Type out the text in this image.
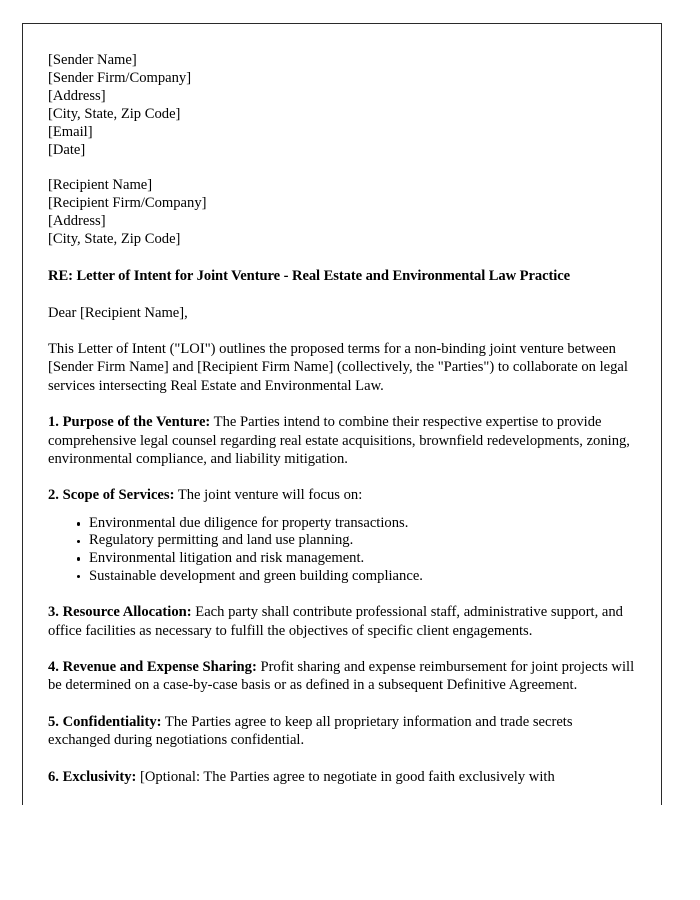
[Sender Name]
[Sender Firm/Company]
[Address]
[City, State, Zip Code]
[Email]
[Date]
[Recipient Name]
[Recipient Firm/Company]
[Address]
[City, State, Zip Code]
RE: Letter of Intent for Joint Venture - Real Estate and Environmental Law Practice
Dear [Recipient Name],
This Letter of Intent ("LOI") outlines the proposed terms for a non-binding joint venture between [Sender Firm Name] and [Recipient Firm Name] (collectively, the "Parties") to collaborate on legal services intersecting Real Estate and Environmental Law.
1. Purpose of the Venture: The Parties intend to combine their respective expertise to provide comprehensive legal counsel regarding real estate acquisitions, brownfield redevelopments, zoning, environmental compliance, and liability mitigation.
2. Scope of Services: The joint venture will focus on:
Environmental due diligence for property transactions.
Regulatory permitting and land use planning.
Environmental litigation and risk management.
Sustainable development and green building compliance.
3. Resource Allocation: Each party shall contribute professional staff, administrative support, and office facilities as necessary to fulfill the objectives of specific client engagements.
4. Revenue and Expense Sharing: Profit sharing and expense reimbursement for joint projects will be determined on a case-by-case basis or as defined in a subsequent Definitive Agreement.
5. Confidentiality: The Parties agree to keep all proprietary information and trade secrets exchanged during negotiations confidential.
6. Exclusivity: [Optional: The Parties agree to negotiate in good faith exclusively with
